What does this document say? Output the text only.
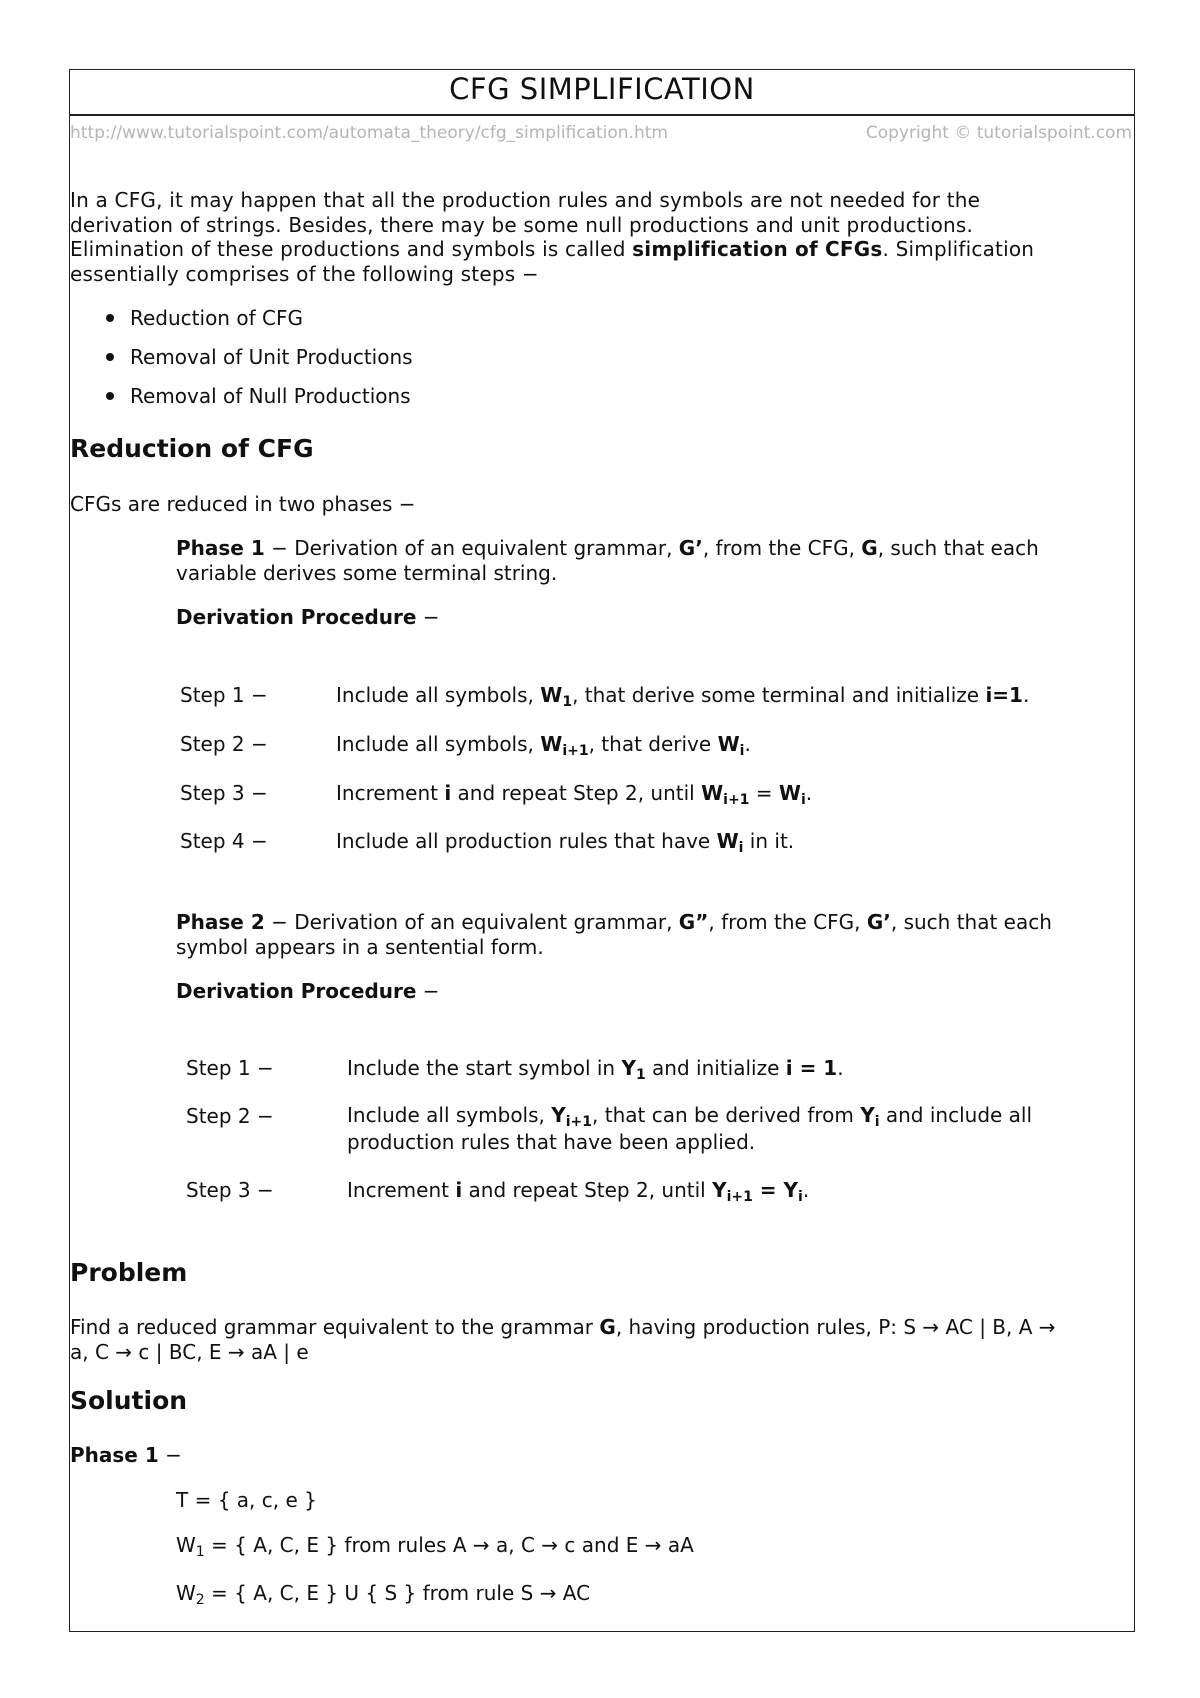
CFG SIMPLIFICATION
http://www.tutorialspoint.com/automata_theory/cfg_simplification.htm	Copyright © tutorialspoint.com
In a CFG, it may happen that all the production rules and symbols are not needed for the derivation of strings. Besides, there may be some null productions and unit productions. Elimination of these productions and symbols is called simplification of CFGs. Simplification essentially comprises of the following steps −
Reduction of CFG
Removal of Unit Productions
Removal of Null Productions
Reduction of CFG
CFGs are reduced in two phases −
Phase 1 − Derivation of an equivalent grammar, G’, from the CFG, G, such that each variable derives some terminal string.
Derivation Procedure −
Step 1 −	Include all symbols, $W_1$, that derive some terminal and initialize i=1.
Step 2 −	Include all symbols, $W_{i+1}$, that derive $W_i$.
Step 3 −	Increment i and repeat Step 2, until $W_{i+1} = W_i$.
Step 4 −	Include all production rules that have $W_i$ in it.
Phase 2 − Derivation of an equivalent grammar, G”, from the CFG, G’, such that each symbol appears in a sentential form.
Derivation Procedure −
Step 1 −	Include the start symbol in $Y_1$ and initialize i = 1.
Step 2 −	Include all symbols, $Y_{i+1}$, that can be derived from $Y_i$ and include all production rules that have been applied.
Step 3 −	Increment i and repeat Step 2, until $Y_{i+1} = Y_i$.
Problem
Find a reduced grammar equivalent to the grammar G, having production rules, P: S → AC | B, A → a, C → c | BC, E → aA | e
Solution
Phase 1 −
T = { a, c, e }
$W_1$ = { A, C, E } from rules A → a, C → c and E → aA
$W_2$ = { A, C, E } U { S } from rule S → AC
